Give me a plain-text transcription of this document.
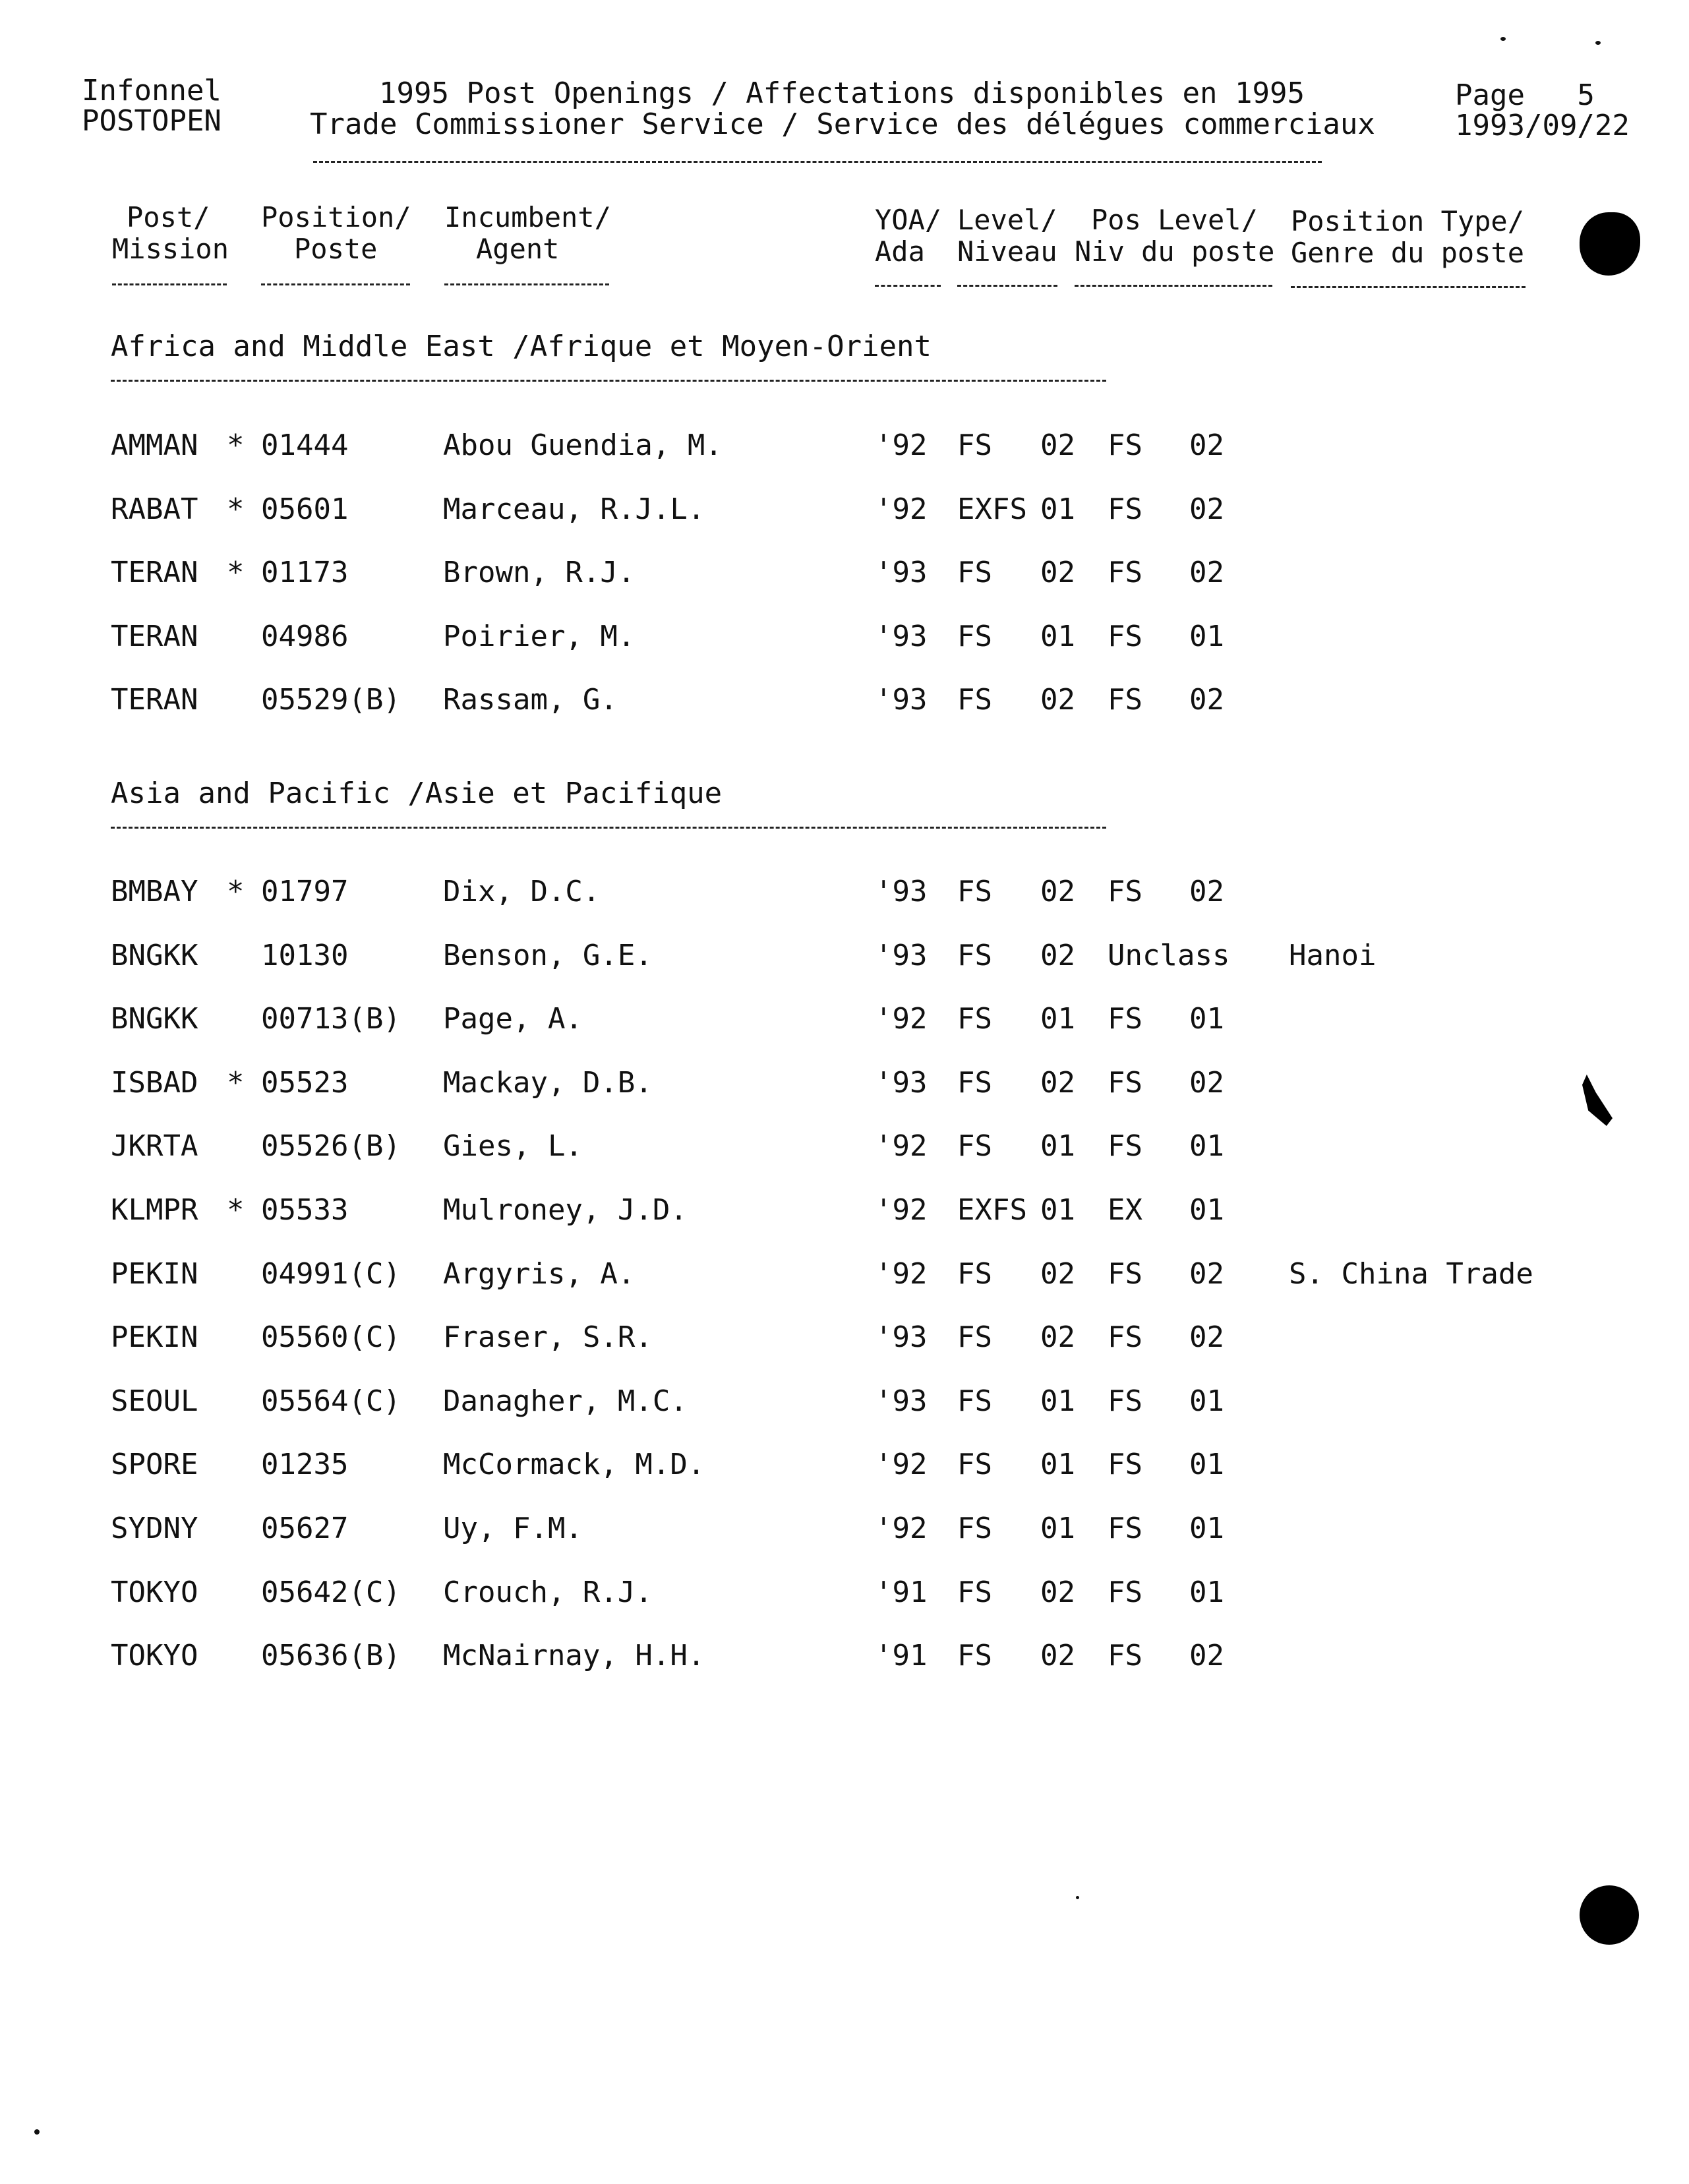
Infonnel
POSTOPEN
1995 Post Openings / Affectations disponibles en 1995
Trade Commissioner Service / Service des délégues commerciaux
Page   5
1993/09/22
Post/
Mission
Position/
Poste
Incumbent/
Agent
YOA/
Ada
Level/
Niveau
Pos Level/
Niv du poste
Position Type/
Genre du poste
Africa and Middle East /Afrique et Moyen-Orient
Asia and Pacific /Asie et Pacifique
AMMAN * 01444	Abou Guendia, M.	'92 FS 02 FS 02
RABAT * 05601	Marceau, R.J.L.	'92 EXFS 01 FS 02
TERAN * 01173	Brown, R.J.	'93 FS 02 FS 02
TERAN 04986	Poirier, M.	'93 FS 01 FS 01
TERAN 05529(B) Rassam, G.	'93 FS 02 FS 02
BMBAY * 01797	Dix, D.C.	'93 FS 02 FS 02
BNGKK 10130	Benson, G.E.	'93 FS 02 Unclass Hanoi
BNGKK 00713(B) Page, A.	'92 FS 01 FS 01
ISBAD * 05523	Mackay, D.B.	'93 FS 02 FS 02
JKRTA 05526(B) Gies, L.	'92 FS 01 FS 01
KLMPR * 05533	Mulroney, J.D.	'92 EXFS 01 EX 01
PEKIN 04991(C) Argyris, A.	'92 FS 02 FS 02 S. China Trade
PEKIN 05560(C) Fraser, S.R.	'93 FS 02 FS 02
SEOUL 05564(C) Danagher, M.C.	'93 FS 01 FS 01
SPORE 01235	McCormack, M.D.	'92 FS 01 FS 01
SYDNY 05627	Uy, F.M.	'92 FS 01 FS 01
TOKYO 05642(C) Crouch, R.J.	'91 FS 02 FS 01
TOKYO 05636(B) McNairnay, H.H.	'91 FS 02 FS 02
